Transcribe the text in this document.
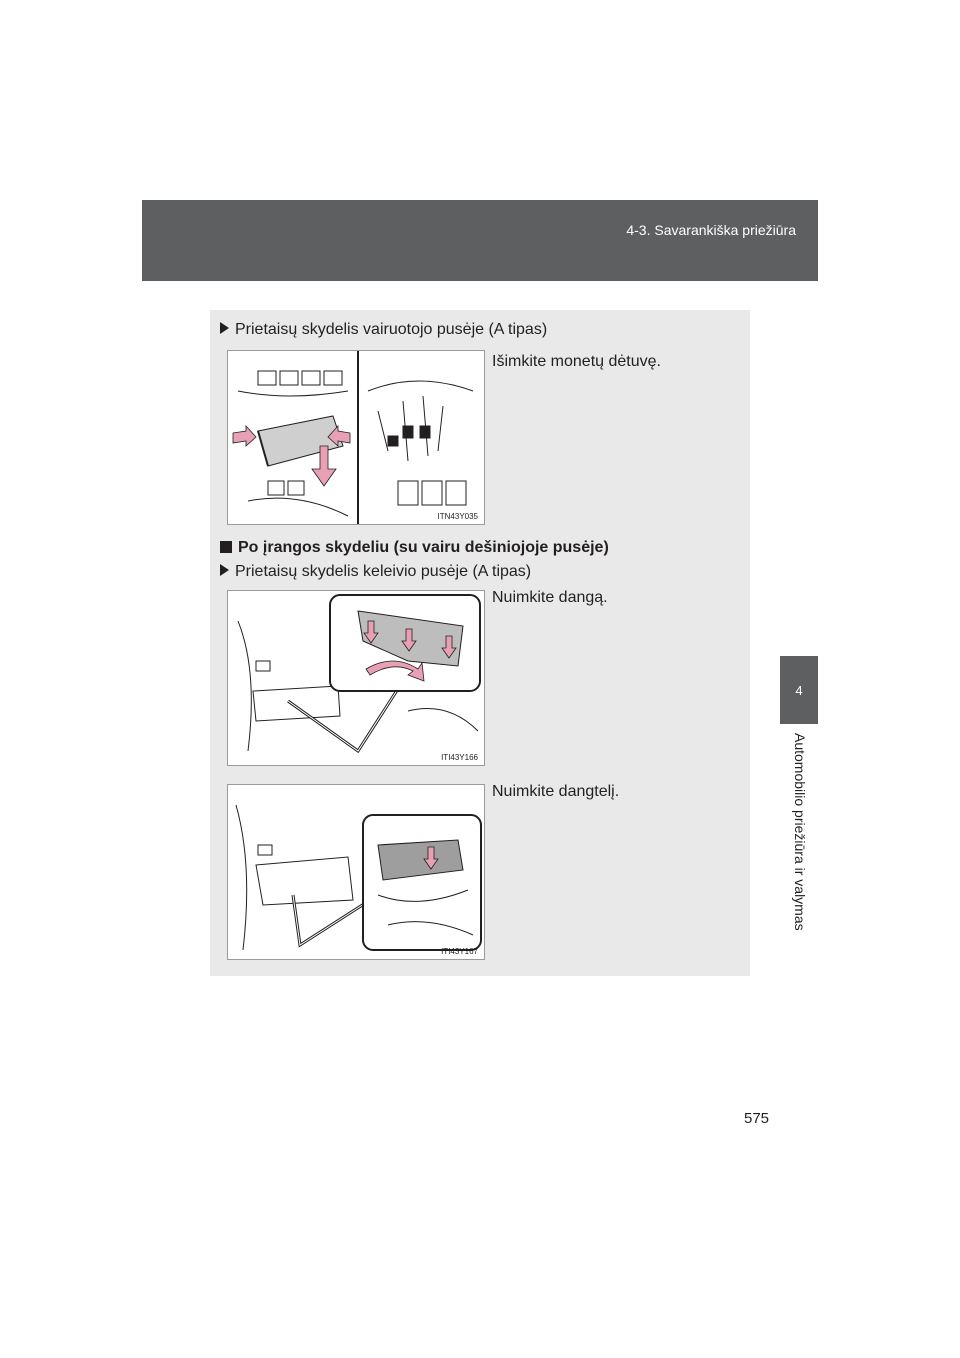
4-3. Savarankiška priežiūra
4
Automobilio priežiūra ir valymas
Prietaisų skydelis vairuotojo pusėje (A tipas)
Išimkite monetų dėtuvę.
ITN43Y035
Po įrangos skydeliu (su vairu dešiniojoje pusėje)
Prietaisų skydelis keleivio pusėje (A tipas)
Nuimkite dangą.
ITI43Y166
Nuimkite dangtelį.
ITI43Y167
575
